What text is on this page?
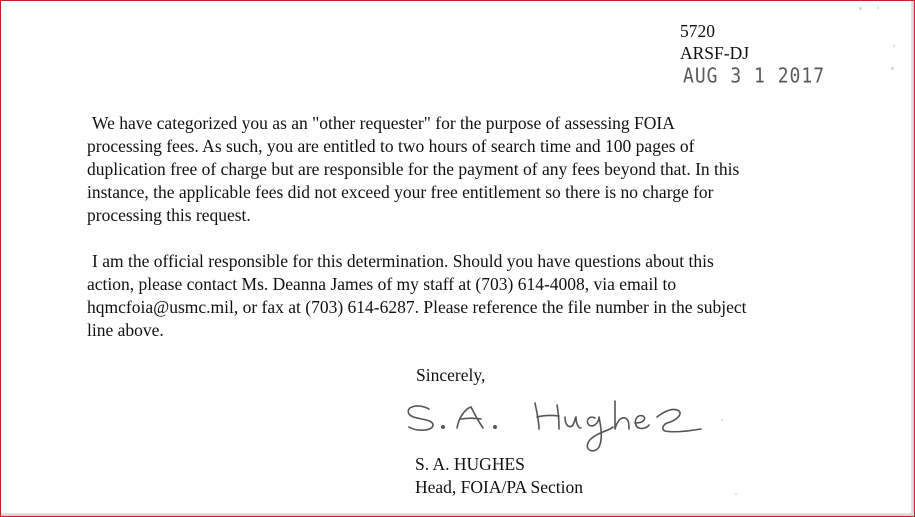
5720
ARSF-DJ
AUG 3 1 2017
We have categorized you as an "other requester" for the purpose of assessing FOIA
processing fees. As such, you are entitled to two hours of search time and 100 pages of
duplication free of charge but are responsible for the payment of any fees beyond that. In this
instance, the applicable fees did not exceed your free entitlement so there is no charge for
processing this request.
I am the official responsible for this determination. Should you have questions about this
action, please contact Ms. Deanna James of my staff at (703) 614-4008, via email to
hqmcfoia@usmc.mil, or fax at (703) 614-6287. Please reference the file number in the subject
line above.
Sincerely,
S. A. HUGHES
Head, FOIA/PA Section
